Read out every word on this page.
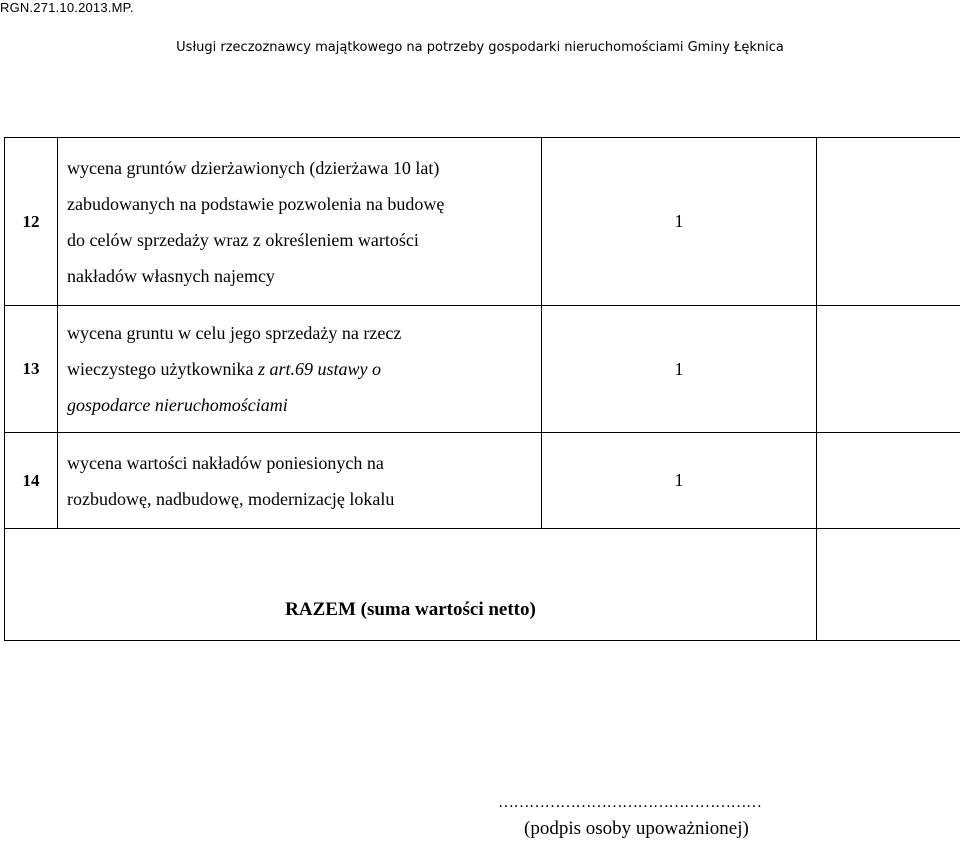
RGN.271.10.2013.MP.
Usługi rzeczoznawcy majątkowego na potrzeby gospodarki nieruchomościami Gminy Łęknica
12	wycena gruntów dzierżawionych (dzierżawa 10 lat)
zabudowanych na podstawie pozwolenia na budowę
do celów sprzedaży wraz z określeniem wartości
nakładów własnych najemcy	1	
13	wycena gruntu w celu jego sprzedaży na rzecz
wieczystego użytkownika z art.69 ustawy o
gospodarce nieruchomościami	1	
14	wycena wartości nakładów poniesionych na
rozbudowę, nadbudowę, modernizację lokalu	1	
RAZEM (suma wartości netto)			
……………………………………………
(podpis osoby upoważnionej)
